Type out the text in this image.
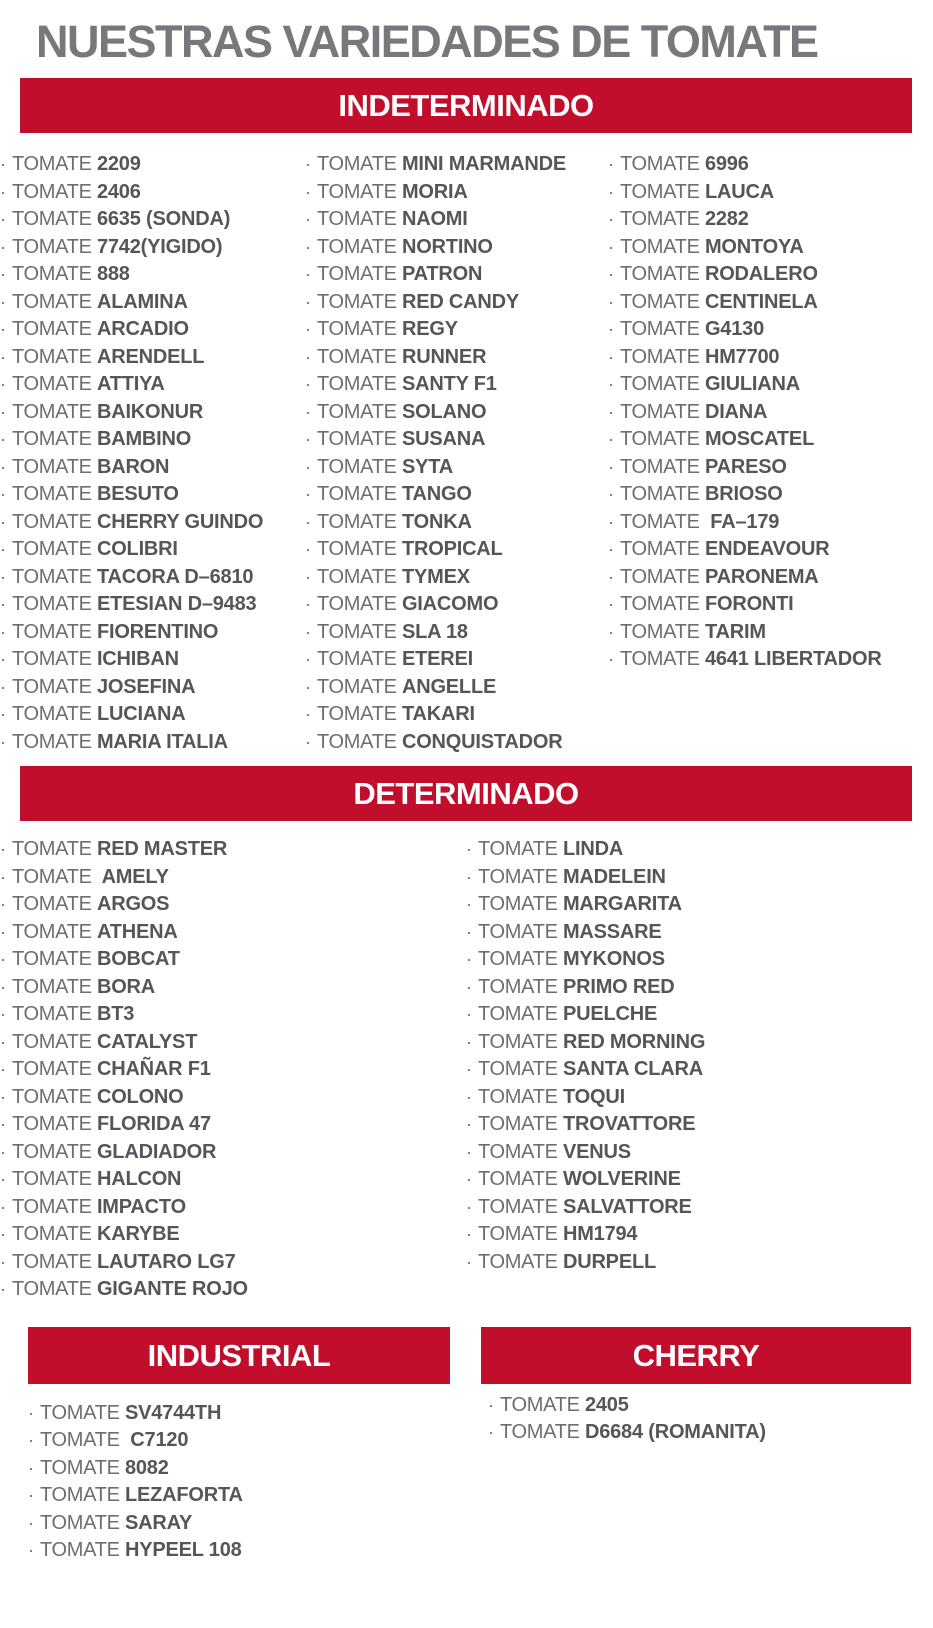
NUESTRAS VARIEDADES DE TOMATE
INDETERMINADO
· TOMATE 2209
· TOMATE 2406
· TOMATE 6635 (SONDA)
· TOMATE 7742(YIGIDO)
· TOMATE 888
· TOMATE ALAMINA
· TOMATE ARCADIO
· TOMATE ARENDELL
· TOMATE ATTIYA
· TOMATE BAIKONUR
· TOMATE BAMBINO
· TOMATE BARON
· TOMATE BESUTO
· TOMATE CHERRY GUINDO
· TOMATE COLIBRI
· TOMATE TACORA D–6810
· TOMATE ETESIAN D–9483
· TOMATE FIORENTINO
· TOMATE ICHIBAN
· TOMATE JOSEFINA
· TOMATE LUCIANA
· TOMATE MARIA ITALIA
· TOMATE MINI MARMANDE
· TOMATE MORIA
· TOMATE NAOMI
· TOMATE NORTINO
· TOMATE PATRON
· TOMATE RED CANDY
· TOMATE REGY
· TOMATE RUNNER
· TOMATE SANTY F1
· TOMATE SOLANO
· TOMATE SUSANA
· TOMATE SYTA
· TOMATE TANGO
· TOMATE TONKA
· TOMATE TROPICAL
· TOMATE TYMEX
· TOMATE GIACOMO
· TOMATE SLA 18
· TOMATE ETEREI
· TOMATE ANGELLE
· TOMATE TAKARI
· TOMATE CONQUISTADOR
· TOMATE 6996
· TOMATE LAUCA
· TOMATE 2282
· TOMATE MONTOYA
· TOMATE RODALERO
· TOMATE CENTINELA
· TOMATE G4130
· TOMATE HM7700
· TOMATE GIULIANA
· TOMATE DIANA
· TOMATE MOSCATEL
· TOMATE PARESO
· TOMATE BRIOSO
· TOMATE  FA–179
· TOMATE ENDEAVOUR
· TOMATE PARONEMA
· TOMATE FORONTI
· TOMATE TARIM
· TOMATE 4641 LIBERTADOR
DETERMINADO
· TOMATE RED MASTER
· TOMATE  AMELY
· TOMATE ARGOS
· TOMATE ATHENA
· TOMATE BOBCAT
· TOMATE BORA
· TOMATE BT3
· TOMATE CATALYST
· TOMATE CHAÑAR F1
· TOMATE COLONO
· TOMATE FLORIDA 47
· TOMATE GLADIADOR
· TOMATE HALCON
· TOMATE IMPACTO
· TOMATE KARYBE
· TOMATE LAUTARO LG7
· TOMATE GIGANTE ROJO
· TOMATE LINDA
· TOMATE MADELEIN
· TOMATE MARGARITA
· TOMATE MASSARE
· TOMATE MYKONOS
· TOMATE PRIMO RED
· TOMATE PUELCHE
· TOMATE RED MORNING
· TOMATE SANTA CLARA
· TOMATE TOQUI
· TOMATE TROVATTORE
· TOMATE VENUS
· TOMATE WOLVERINE
· TOMATE SALVATTORE
· TOMATE HM1794
· TOMATE DURPELL
INDUSTRIAL
· TOMATE SV4744TH
· TOMATE  C7120
· TOMATE 8082
· TOMATE LEZAFORTA
· TOMATE SARAY
· TOMATE HYPEEL 108
CHERRY
· TOMATE 2405
· TOMATE D6684 (ROMANITA)
